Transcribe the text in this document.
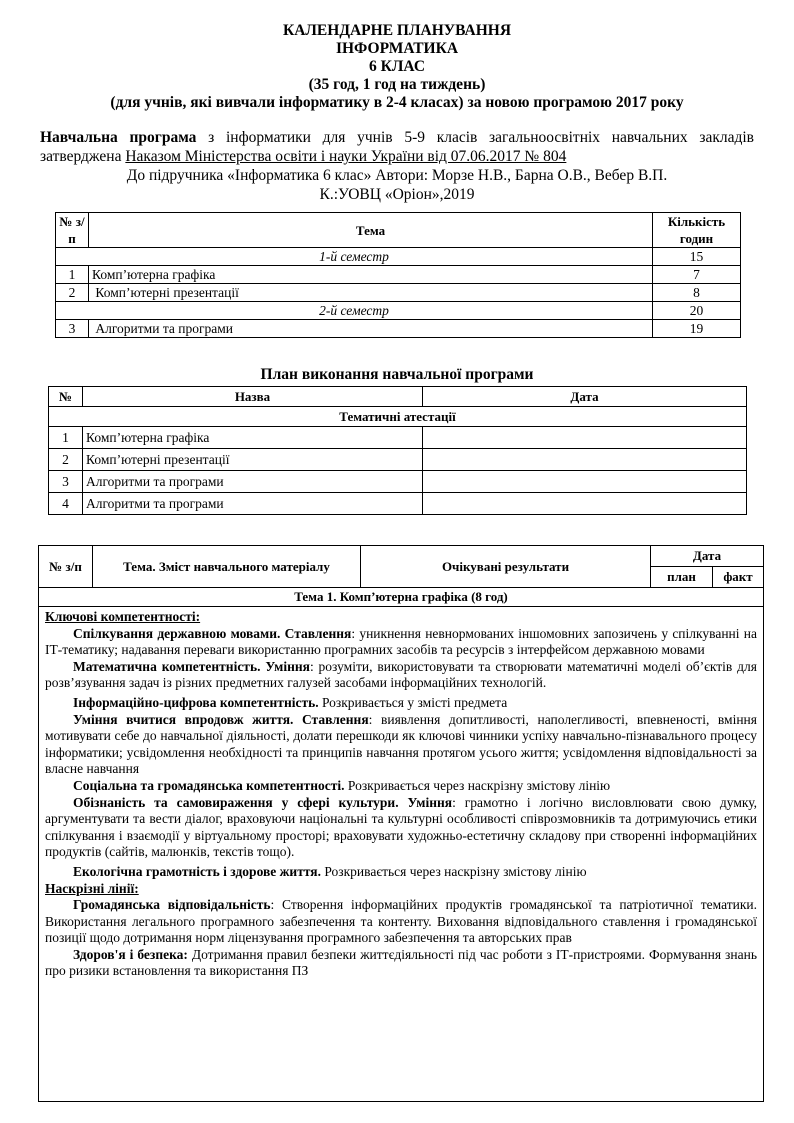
КАЛЕНДАРНЕ ПЛАНУВАННЯ
ІНФОРМАТИКА
6 КЛАС
(35 год, 1 год на тиждень)
(для учнів, які вивчали інформатику в 2-4 класах) за новою програмою 2017 року
Навчальна програма з інформатики для учнів 5-9 класів загальноосвітніх навчальних закладів затверджена Наказом Міністерства освіти і науки України від 07.06.2017 № 804
До підручника «Інформатика 6 клас» Автори: Морзе Н.В., Барна О.В., Вебер В.П.
К.:УОВЦ «Оріон»,2019
№ з/п	Тема	Кількість годин
1-й семестр		15
1	Комп’ютерна графіка	7
2	Комп’ютерні презентації	8
2-й семестр		20
3	Алгоритми та програми	19
План виконання навчальної програми
№	Назва	Дата
Тематичні атестації		
1	Комп’ютерна графіка	
2	Комп’ютерні презентації	
3	Алгоритми та програми	
4	Алгоритми та програми	
№ з/п	Тема. Зміст навчального матеріалу	Очікувані результати	Дата	
			план	факт
Тема 1. Комп’ютерна графіка (8 год)				

Ключові компетентності:

Спілкування державною мовами. Ставлення: уникнення невнормованих іншомовних запозичень у спілкуванні на ІТ-тематику; надавання переваги використанню програмних засобів та ресурсів з інтерфейсом державною мовами

Математична компетентність. Уміння: розуміти, використовувати та створювати математичні моделі об’єктів для розв’язування задач із різних предметних галузей засобами інформаційних технологій.

Інформаційно-цифрова компетентність. Розкривається у змісті предмета

Уміння вчитися впродовж життя. Ставлення: виявлення допитливості, наполегливості, впевненості, вміння мотивувати себе до навчальної діяльності, долати перешкоди як ключові чинники успіху навчально-пізнавального процесу інформатики; усвідомлення необхідності та принципів навчання протягом усього життя; усвідомлення відповідальності за власне навчання

Соціальна та громадянська компетентності. Розкривається через наскрізну змістову лінію

Обізнаність та самовираження у сфері культури. Уміння: грамотно і логічно висловлювати свою думку, аргументувати та вести діалог, враховуючи національні та культурні особливості співрозмовників та дотримуючись етики спілкування і взаємодії у віртуальному просторі; враховувати художньо-естетичну складову при створенні інформаційних продуктів (сайтів, малюнків, текстів тощо).

Екологічна грамотність і здорове життя. Розкривається через наскрізну змістову лінію

Наскрізні лінії:

Громадянська відповідальність: Створення інформаційних продуктів громадянської та патріотичної тематики. Використання легального програмного забезпечення та контенту. Виховання відповідального ставлення і громадянської позиції щодо дотримання норм ліцензування програмного забезпечення та авторських прав

Здоров'я і безпека: Дотримання правил безпеки життєдіяльності під час роботи з ІТ-пристроями. Формування знань про ризики встановлення та використання ПЗ
